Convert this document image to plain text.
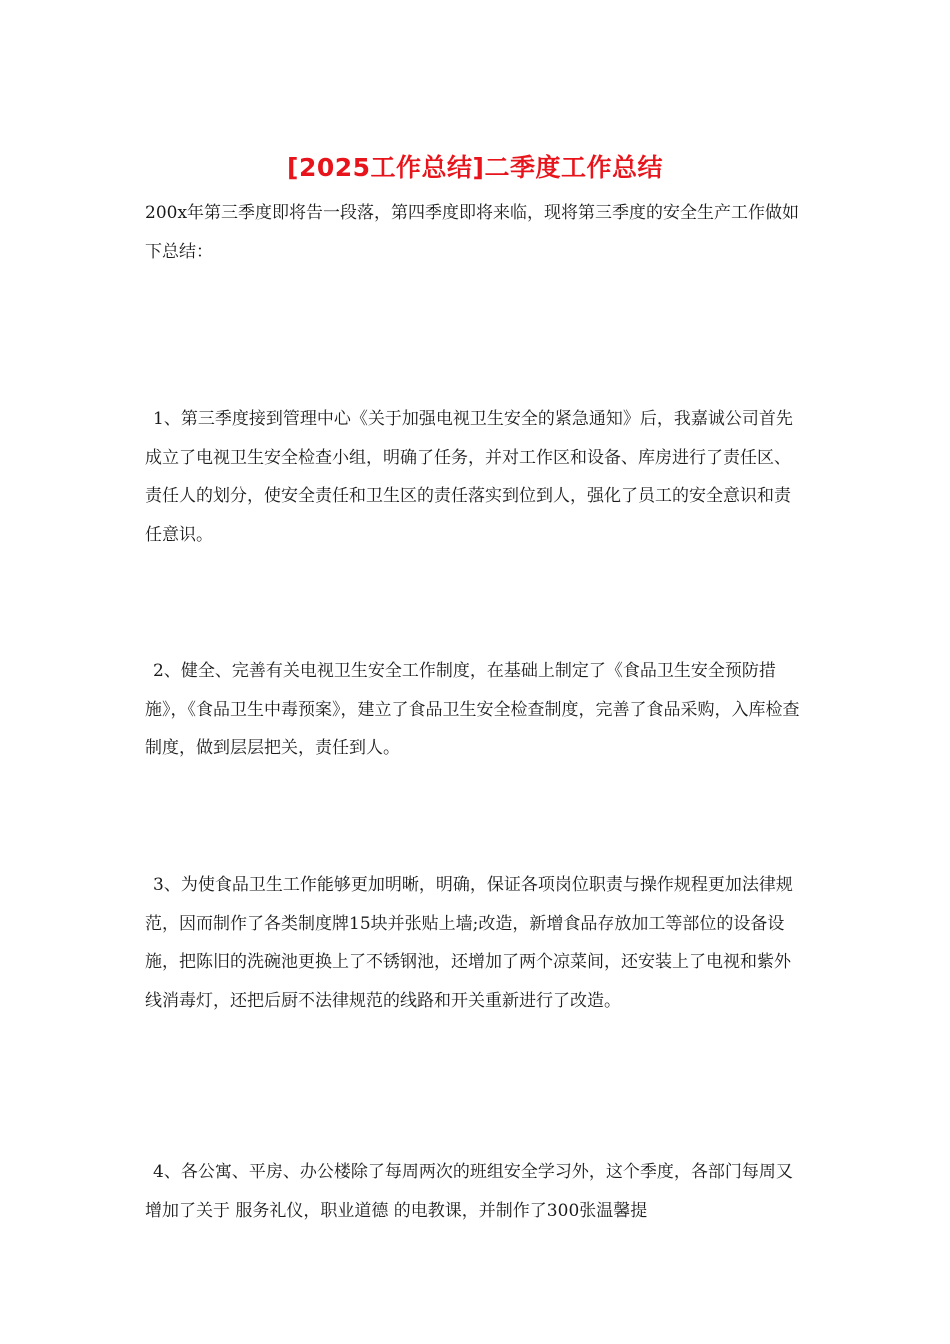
[2025工作总结]二季度工作总结

200x年第三季度即将告一段落，第四季度即将来临，现将第三季度的安全生产工作做如下总结：

1、第三季度接到管理中心《关于加强电视卫生安全的紧急通知》后，我嘉诚公司首先成立了电视卫生安全检查小组，明确了任务，并对工作区和设备、库房进行了责任区、责任人的划分，使安全责任和卫生区的责任落实到位到人，强化了员工的安全意识和责任意识。

2、健全、完善有关电视卫生安全工作制度，在基础上制定了《食品卫生安全预防措施》，《食品卫生中毒预案》，建立了食品卫生安全检查制度，完善了食品采购，入库检查制度，做到层层把关，责任到人。

3、为使食品卫生工作能够更加明晰，明确，保证各项岗位职责与操作规程更加法律规范，因而制作了各类制度牌15块并张贴上墙;改造，新增食品存放加工等部位的设备设施，把陈旧的洗碗池更换上了不锈钢池，还增加了两个凉菜间，还安装上了电视和紫外线消毒灯，还把后厨不法律规范的线路和开关重新进行了改造。

4、各公寓、平房、办公楼除了每周两次的班组安全学习外，这个季度，各部门每周又增加了关于 服务礼仪，职业道德 的电教课，并制作了300张温馨提
